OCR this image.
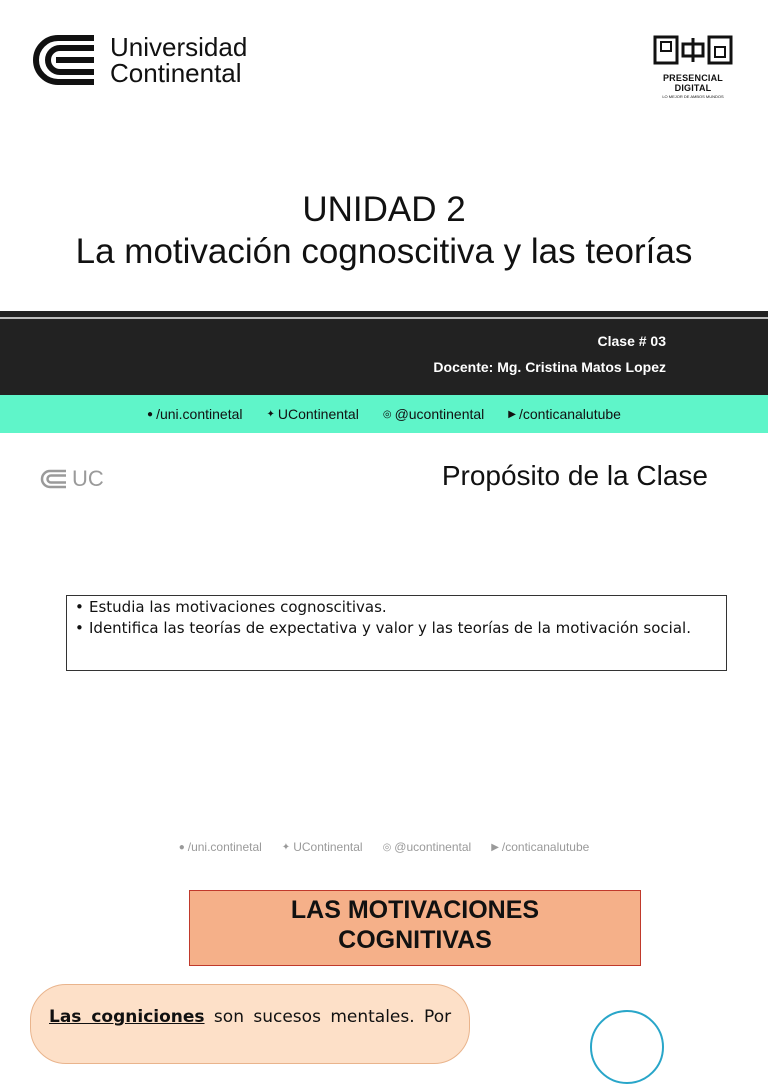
Universidad
Continental	PRESENCIAL DIGITAL
LO MEJOR DE AMBOS MUNDOS
UNIDAD 2
La motivación cognoscitiva y las teorías
Clase # 03
Docente: Mg. Cristina Matos Lopez
● /uni.continetal ✦ UContinental ◎ @ucontinental ▶ /conticanalutube
UC	Propósito de la Clase
• Estudia las motivaciones cognoscitivas.
• Identifica las teorías de expectativa y valor y las teorías de la motivación social.
● /uni.continetal ✦ UContinental ◎ @ucontinental ▶ /conticanalutube
LAS MOTIVACIONES
COGNITIVAS
Las cogniciones son sucesos mentales. Por
